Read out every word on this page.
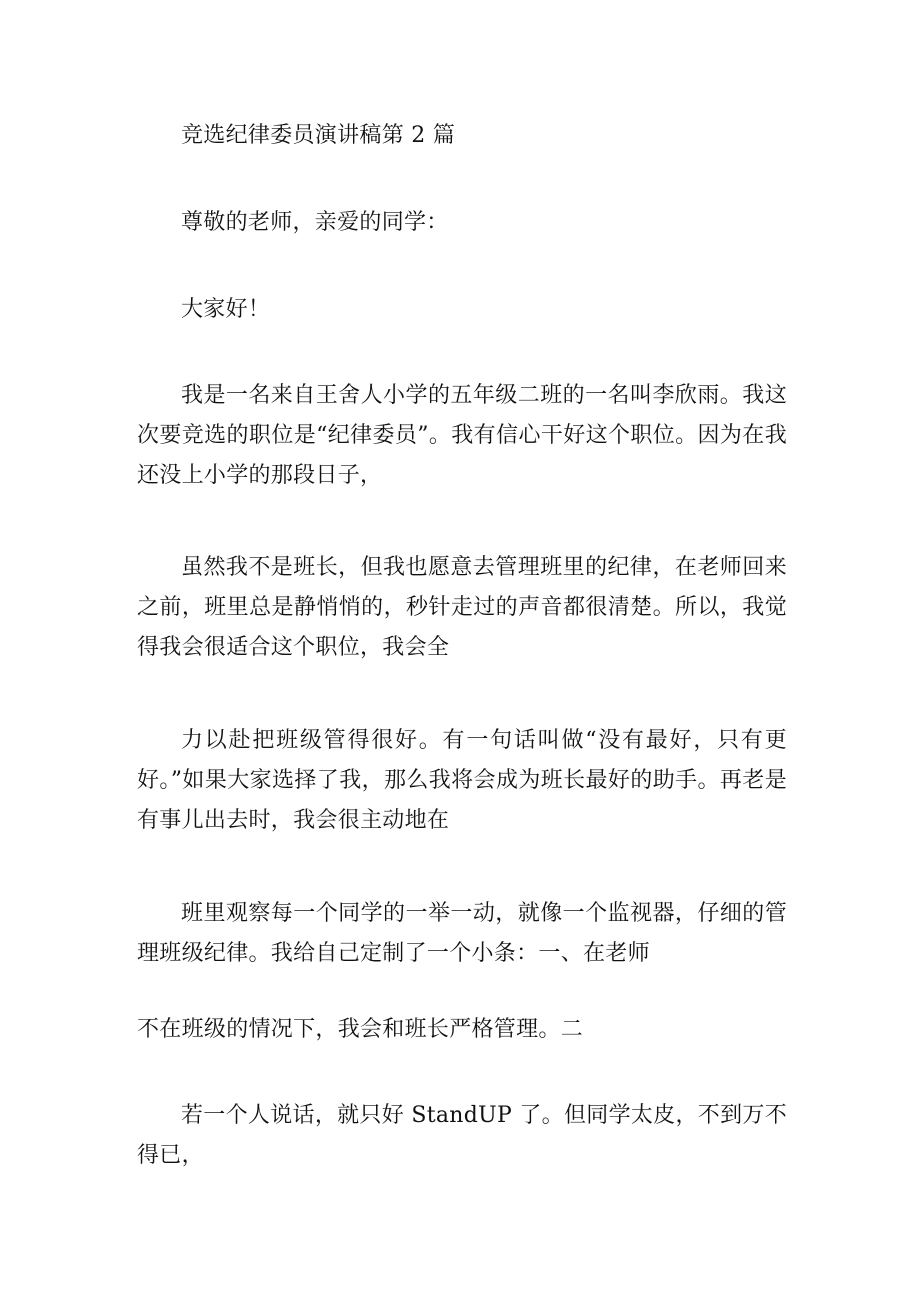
竞选纪律委员演讲稿第 2 篇

尊敬的老师，亲爱的同学：

大家好！

我是一名来自王舍人小学的五年级二班的一名叫李欣雨。我这次要竞选的职位是“纪律委员”。我有信心干好这个职位。因为在我还没上小学的那段日子，

虽然我不是班长，但我也愿意去管理班里的纪律，在老师回来之前，班里总是静悄悄的，秒针走过的声音都很清楚。所以，我觉得我会很适合这个职位，我会全

力以赴把班级管得很好。有一句话叫做“没有最好，只有更好。”如果大家选择了我，那么我将会成为班长最好的助手。再老是有事儿出去时，我会很主动地在

班里观察每一个同学的一举一动，就像一个监视器，仔细的管理班级纪律。我给自己定制了一个小条：一、在老师

不在班级的情况下，我会和班长严格管理。二

若一个人说话，就只好 StandUP 了。但同学太皮，不到万不得已，
